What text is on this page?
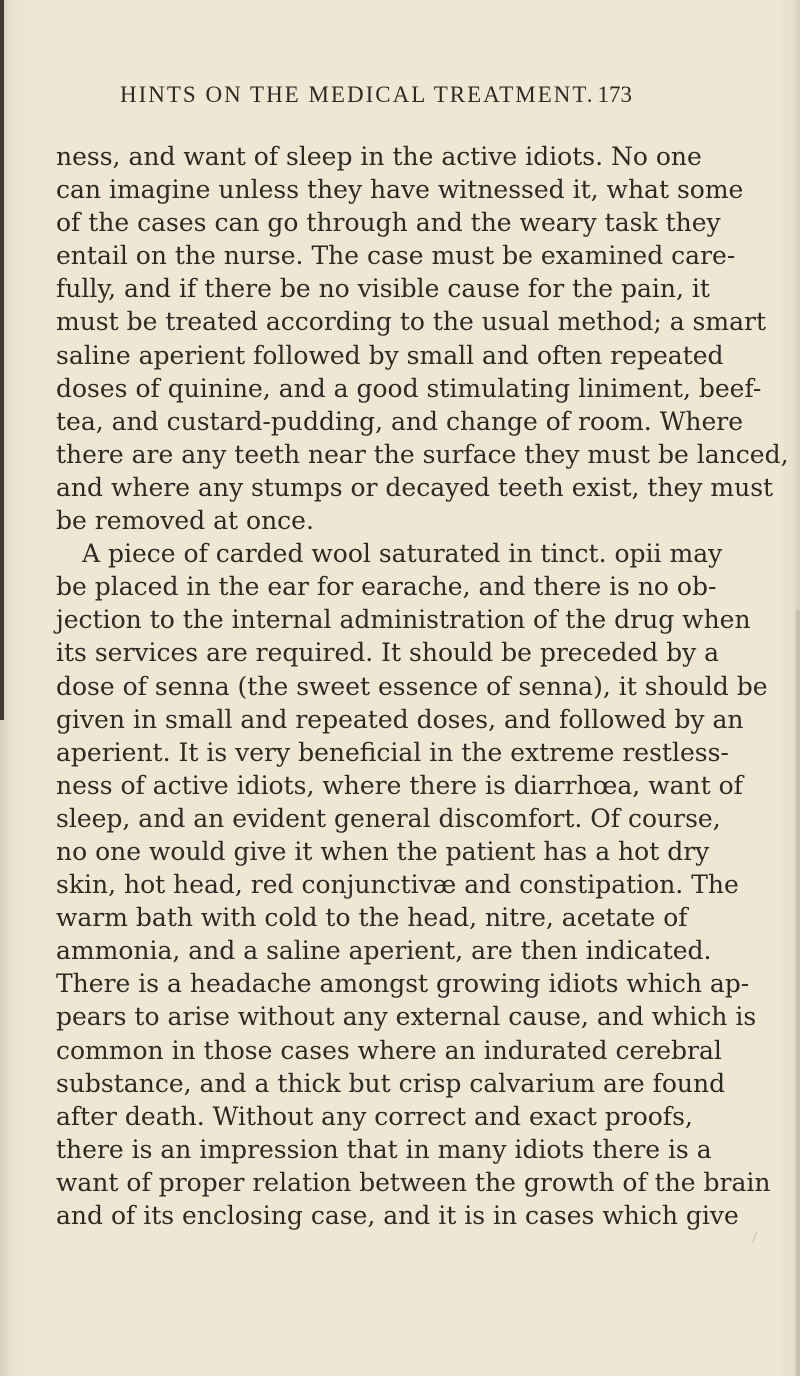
HINTS ON THE MEDICAL TREATMENT. 173
ness, and want of sleep in the active idiots. No one
can imagine unless they have witnessed it, what some
of the cases can go through and the weary task they
entail on the nurse. The case must be examined care-
fully, and if there be no visible cause for the pain, it
must be treated according to the usual method; a smart
saline aperient followed by small and often repeated
doses of quinine, and a good stimulating liniment, beef-
tea, and custard-pudding, and change of room. Where
there are any teeth near the surface they must be lanced,
and where any stumps or decayed teeth exist, they must
be removed at once.
A piece of carded wool saturated in tinct. opii may
be placed in the ear for earache, and there is no ob-
jection to the internal administration of the drug when
its services are required. It should be preceded by a
dose of senna (the sweet essence of senna), it should be
given in small and repeated doses, and followed by an
aperient. It is very beneficial in the extreme restless-
ness of active idiots, where there is diarrhœa, want of
sleep, and an evident general discomfort. Of course,
no one would give it when the patient has a hot dry
skin, hot head, red conjunctivæ and constipation. The
warm bath with cold to the head, nitre, acetate of
ammonia, and a saline aperient, are then indicated.
There is a headache amongst growing idiots which ap-
pears to arise without any external cause, and which is
common in those cases where an indurated cerebral
substance, and a thick but crisp calvarium are found
after death. Without any correct and exact proofs,
there is an impression that in many idiots there is a
want of proper relation between the growth of the brain
and of its enclosing case, and it is in cases which give
